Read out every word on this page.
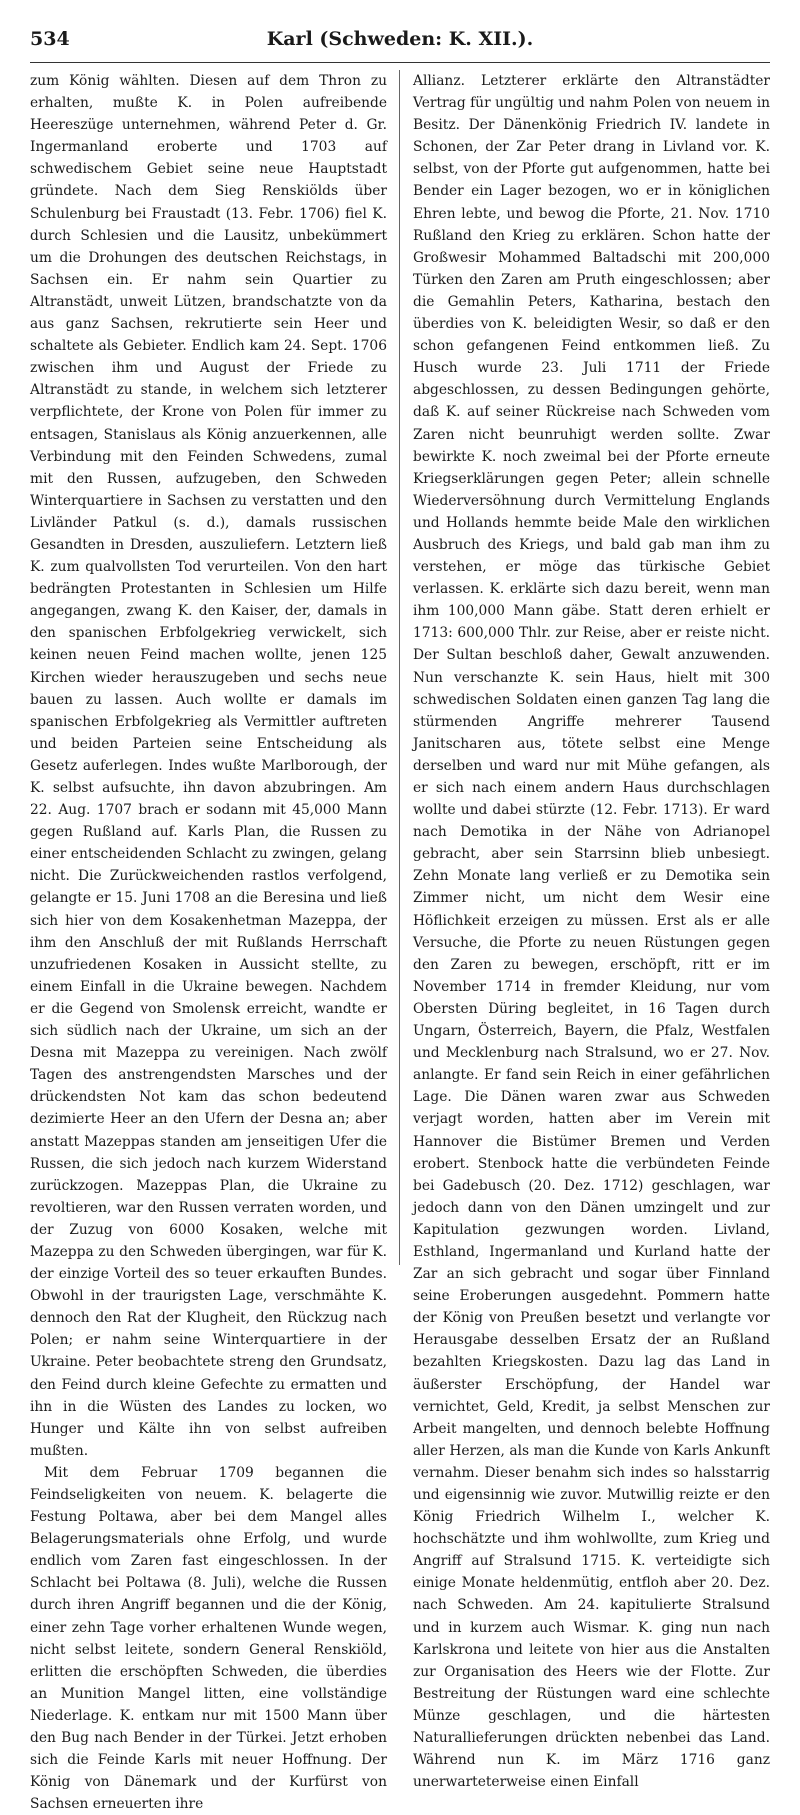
534	Karl (Schweden: K. XII.).

zum König wählten. Diesen auf dem Thron zu erhalten, mußte K. in Polen aufreibende Heereszüge unternehmen, während Peter d. Gr. Ingermanland eroberte und 1703 auf schwedischem Gebiet seine neue Hauptstadt gründete. Nach dem Sieg Renskiölds über Schulenburg bei Fraustadt (13. Febr. 1706) fiel K. durch Schlesien und die Lausitz, unbekümmert um die Drohungen des deutschen Reichstags, in Sachsen ein. Er nahm sein Quartier zu Altranstädt, unweit Lützen, brandschatzte von da aus ganz Sachsen, rekrutierte sein Heer und schaltete als Gebieter. Endlich kam 24. Sept. 1706 zwischen ihm und August der Friede zu Altranstädt zu stande, in welchem sich letzterer verpflichtete, der Krone von Polen für immer zu entsagen, Stanislaus als König anzuerkennen, alle Verbindung mit den Feinden Schwedens, zumal mit den Russen, aufzugeben, den Schweden Winterquartiere in Sachsen zu verstatten und den Livländer Patkul (s. d.), damals russischen Gesandten in Dresden, auszuliefern. Letztern ließ K. zum qualvollsten Tod verurteilen. Von den hart bedrängten Protestanten in Schlesien um Hilfe angegangen, zwang K. den Kaiser, der, damals in den spanischen Erbfolgekrieg verwickelt, sich keinen neuen Feind machen wollte, jenen 125 Kirchen wieder herauszugeben und sechs neue bauen zu lassen. Auch wollte er damals im spanischen Erbfolgekrieg als Vermittler auftreten und beiden Parteien seine Entscheidung als Gesetz auferlegen. Indes wußte Marlborough, der K. selbst aufsuchte, ihn davon abzubringen. Am 22. Aug. 1707 brach er sodann mit 45,000 Mann gegen Rußland auf. Karls Plan, die Russen zu einer entscheidenden Schlacht zu zwingen, gelang nicht. Die Zurückweichenden rastlos verfolgend, gelangte er 15. Juni 1708 an die Beresina und ließ sich hier von dem Kosakenhetman Mazeppa, der ihm den Anschluß der mit Rußlands Herrschaft unzufriedenen Kosaken in Aussicht stellte, zu einem Einfall in die Ukraine bewegen. Nachdem er die Gegend von Smolensk erreicht, wandte er sich südlich nach der Ukraine, um sich an der Desna mit Mazeppa zu vereinigen. Nach zwölf Tagen des anstrengendsten Marsches und der drückendsten Not kam das schon bedeutend dezimierte Heer an den Ufern der Desna an; aber anstatt Mazeppas standen am jenseitigen Ufer die Russen, die sich jedoch nach kurzem Widerstand zurückzogen. Mazeppas Plan, die Ukraine zu revoltieren, war den Russen verraten worden, und der Zuzug von 6000 Kosaken, welche mit Mazeppa zu den Schweden übergingen, war für K. der einzige Vorteil des so teuer erkauften Bundes. Obwohl in der traurigsten Lage, verschmähte K. dennoch den Rat der Klugheit, den Rückzug nach Polen; er nahm seine Winterquartiere in der Ukraine. Peter beobachtete streng den Grundsatz, den Feind durch kleine Gefechte zu ermatten und ihn in die Wüsten des Landes zu locken, wo Hunger und Kälte ihn von selbst aufreiben mußten.

Mit dem Februar 1709 begannen die Feindseligkeiten von neuem. K. belagerte die Festung Poltawa, aber bei dem Mangel alles Belagerungsmaterials ohne Erfolg, und wurde endlich vom Zaren fast eingeschlossen. In der Schlacht bei Poltawa (8. Juli), welche die Russen durch ihren Angriff begannen und die der König, einer zehn Tage vorher erhaltenen Wunde wegen, nicht selbst leitete, sondern General Renskiöld, erlitten die erschöpften Schweden, die überdies an Munition Mangel litten, eine vollständige Niederlage. K. entkam nur mit 1500 Mann über den Bug nach Bender in der Türkei. Jetzt erhoben sich die Feinde Karls mit neuer Hoffnung. Der König von Dänemark und der Kurfürst von Sachsen erneuerten ihre

Allianz. Letzterer erklärte den Altranstädter Vertrag für ungültig und nahm Polen von neuem in Besitz. Der Dänenkönig Friedrich IV. landete in Schonen, der Zar Peter drang in Livland vor. K. selbst, von der Pforte gut aufgenommen, hatte bei Bender ein Lager bezogen, wo er in königlichen Ehren lebte, und bewog die Pforte, 21. Nov. 1710 Rußland den Krieg zu erklären. Schon hatte der Großwesir Mohammed Baltadschi mit 200,000 Türken den Zaren am Pruth eingeschlossen; aber die Gemahlin Peters, Katharina, bestach den überdies von K. beleidigten Wesir, so daß er den schon gefangenen Feind entkommen ließ. Zu Husch wurde 23. Juli 1711 der Friede abgeschlossen, zu dessen Bedingungen gehörte, daß K. auf seiner Rückreise nach Schweden vom Zaren nicht beunruhigt werden sollte. Zwar bewirkte K. noch zweimal bei der Pforte erneute Kriegserklärungen gegen Peter; allein schnelle Wiederversöhnung durch Vermittelung Englands und Hollands hemmte beide Male den wirklichen Ausbruch des Kriegs, und bald gab man ihm zu verstehen, er möge das türkische Gebiet verlassen. K. erklärte sich dazu bereit, wenn man ihm 100,000 Mann gäbe. Statt deren erhielt er 1713: 600,000 Thlr. zur Reise, aber er reiste nicht. Der Sultan beschloß daher, Gewalt anzuwenden. Nun verschanzte K. sein Haus, hielt mit 300 schwedischen Soldaten einen ganzen Tag lang die stürmenden Angriffe mehrerer Tausend Janitscharen aus, tötete selbst eine Menge derselben und ward nur mit Mühe gefangen, als er sich nach einem andern Haus durchschlagen wollte und dabei stürzte (12. Febr. 1713). Er ward nach Demotika in der Nähe von Adrianopel gebracht, aber sein Starrsinn blieb unbesiegt. Zehn Monate lang verließ er zu Demotika sein Zimmer nicht, um nicht dem Wesir eine Höflichkeit erzeigen zu müssen. Erst als er alle Versuche, die Pforte zu neuen Rüstungen gegen den Zaren zu bewegen, erschöpft, ritt er im November 1714 in fremder Kleidung, nur vom Obersten Düring begleitet, in 16 Tagen durch Ungarn, Österreich, Bayern, die Pfalz, Westfalen und Mecklenburg nach Stralsund, wo er 27. Nov. anlangte. Er fand sein Reich in einer gefährlichen Lage. Die Dänen waren zwar aus Schweden verjagt worden, hatten aber im Verein mit Hannover die Bistümer Bremen und Verden erobert. Stenbock hatte die verbündeten Feinde bei Gadebusch (20. Dez. 1712) geschlagen, war jedoch dann von den Dänen umzingelt und zur Kapitulation gezwungen worden. Livland, Esthland, Ingermanland und Kurland hatte der Zar an sich gebracht und sogar über Finnland seine Eroberungen ausgedehnt. Pommern hatte der König von Preußen besetzt und verlangte vor Herausgabe desselben Ersatz der an Rußland bezahlten Kriegskosten. Dazu lag das Land in äußerster Erschöpfung, der Handel war vernichtet, Geld, Kredit, ja selbst Menschen zur Arbeit mangelten, und dennoch belebte Hoffnung aller Herzen, als man die Kunde von Karls Ankunft vernahm. Dieser benahm sich indes so halsstarrig und eigensinnig wie zuvor. Mutwillig reizte er den König Friedrich Wilhelm I., welcher K. hochschätzte und ihm wohlwollte, zum Krieg und Angriff auf Stralsund 1715. K. verteidigte sich einige Monate heldenmütig, entfloh aber 20. Dez. nach Schweden. Am 24. kapitulierte Stralsund und in kurzem auch Wismar. K. ging nun nach Karlskrona und leitete von hier aus die Anstalten zur Organisation des Heers wie der Flotte. Zur Bestreitung der Rüstungen ward eine schlechte Münze geschlagen, und die härtesten Naturallieferungen drückten nebenbei das Land. Während nun K. im März 1716 ganz unerwarteterweise einen Einfall
